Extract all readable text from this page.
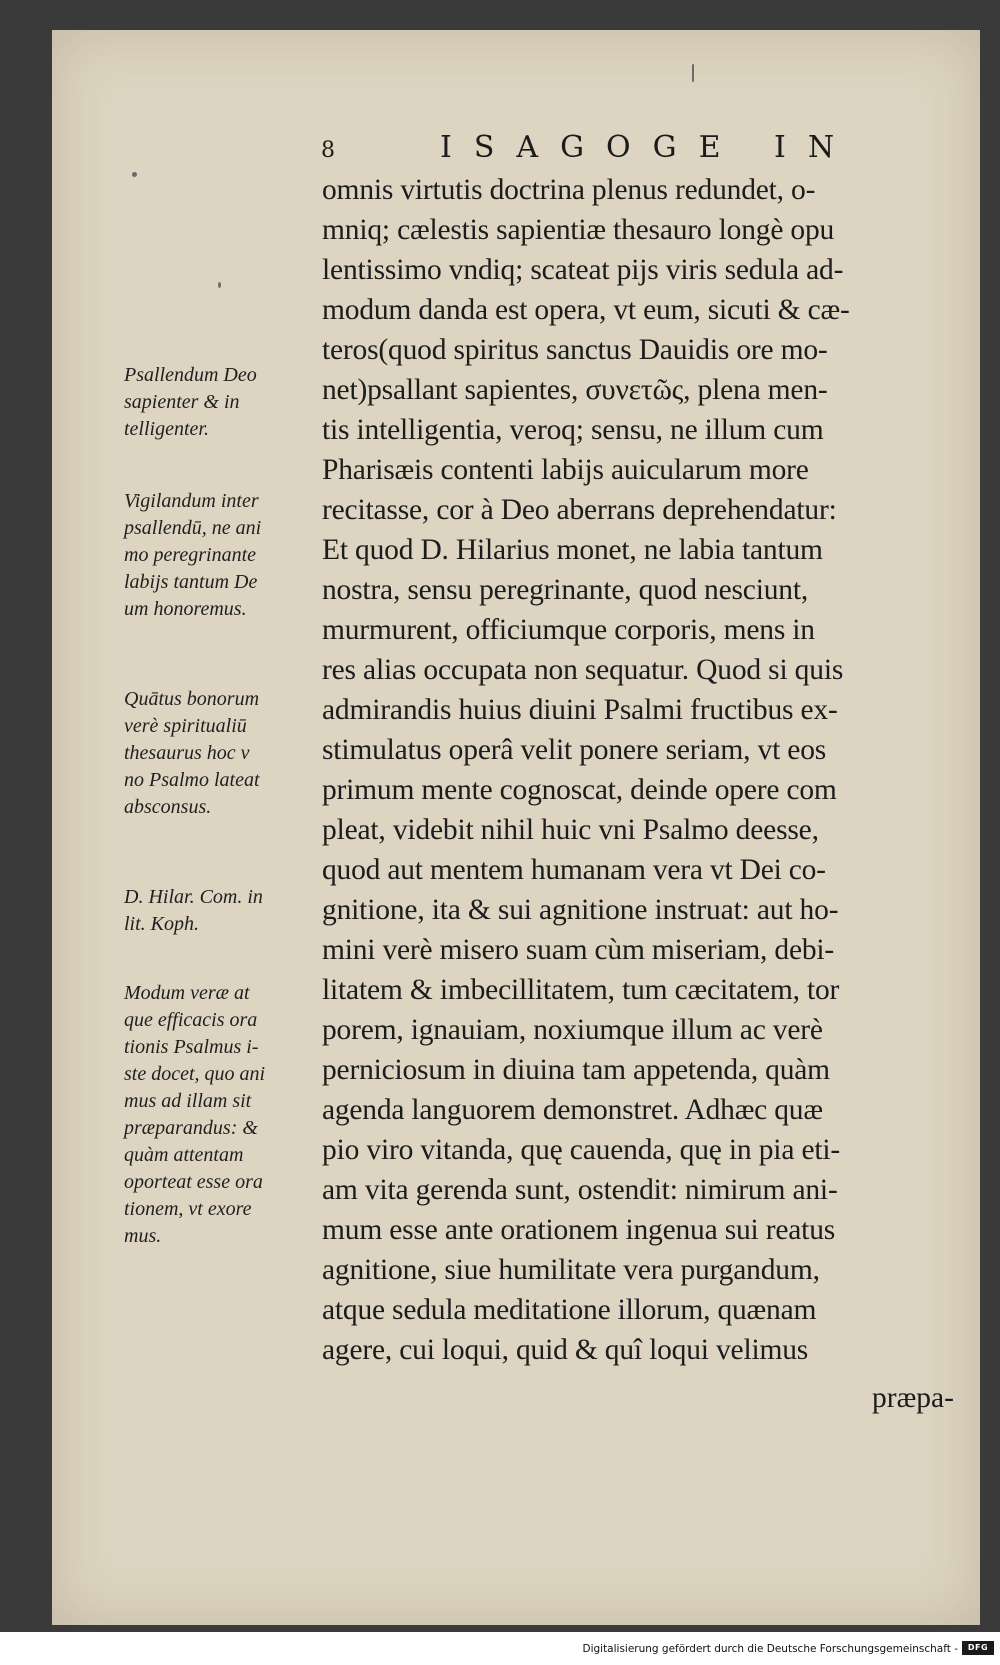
8	ISAGOGE IN
omnis virtutis doctrina plenus redundet, o-
mniq; cælestis sapientiæ thesauro longè opu
lentissimo vndiq; scateat pijs viris sedula ad-
modum danda est opera, vt eum, sicuti & cæ-
teros(quod spiritus sanctus Dauidis ore mo-
net)psallant sapientes, συνετῶς, plena men-
tis intelligentia, veroq; sensu, ne illum cum
Pharisæis contenti labijs auicularum more
recitasse, cor à Deo aberrans deprehendatur:
Et quod D. Hilarius monet, ne labia tantum
nostra, sensu peregrinante, quod nesciunt,
murmurent, officiumque corporis, mens in
res alias occupata non sequatur. Quod si quis
admirandis huius diuini Psalmi fructibus ex-
stimulatus operâ velit ponere seriam, vt eos
primum mente cognoscat, deinde opere com
pleat, videbit nihil huic vni Psalmo deesse,
quod aut mentem humanam vera vt Dei co-
gnitione, ita & sui agnitione instruat: aut ho-
mini verè misero suam cùm miseriam, debi-
litatem & imbecillitatem, tum cæcitatem, tor
porem, ignauiam, noxiumque illum ac verè
perniciosum in diuina tam appetenda, quàm
agenda languorem demonstret. Adhæc quæ
pio viro vitanda, quę cauenda, quę in pia eti-
am vita gerenda sunt, ostendit: nimirum ani-
mum esse ante orationem ingenua sui reatus
agnitione, siue humilitate vera purgandum,
atque sedula meditatione illorum, quænam
agere, cui loqui, quid & quî loqui velimus
præpa-
Psallendum Deo
sapienter & in
telligenter.
Vigilandum inter
psallendū, ne ani
mo peregrinante
labijs tantum De
um honoremus.
Quātus bonorum
verè spiritualiū
thesaurus hoc v
no Psalmo lateat
absconsus.
D. Hilar. Com. in
lit. Koph.
Modum veræ at
que efficacis ora
tionis Psalmus i-
ste docet, quo ani
mus ad illam sit
præparandus: &
quàm attentam
oporteat esse ora
tionem, vt exore
mus.
Digitalisierung gefördert durch die Deutsche Forschungsgemeinschaft -	DFG
